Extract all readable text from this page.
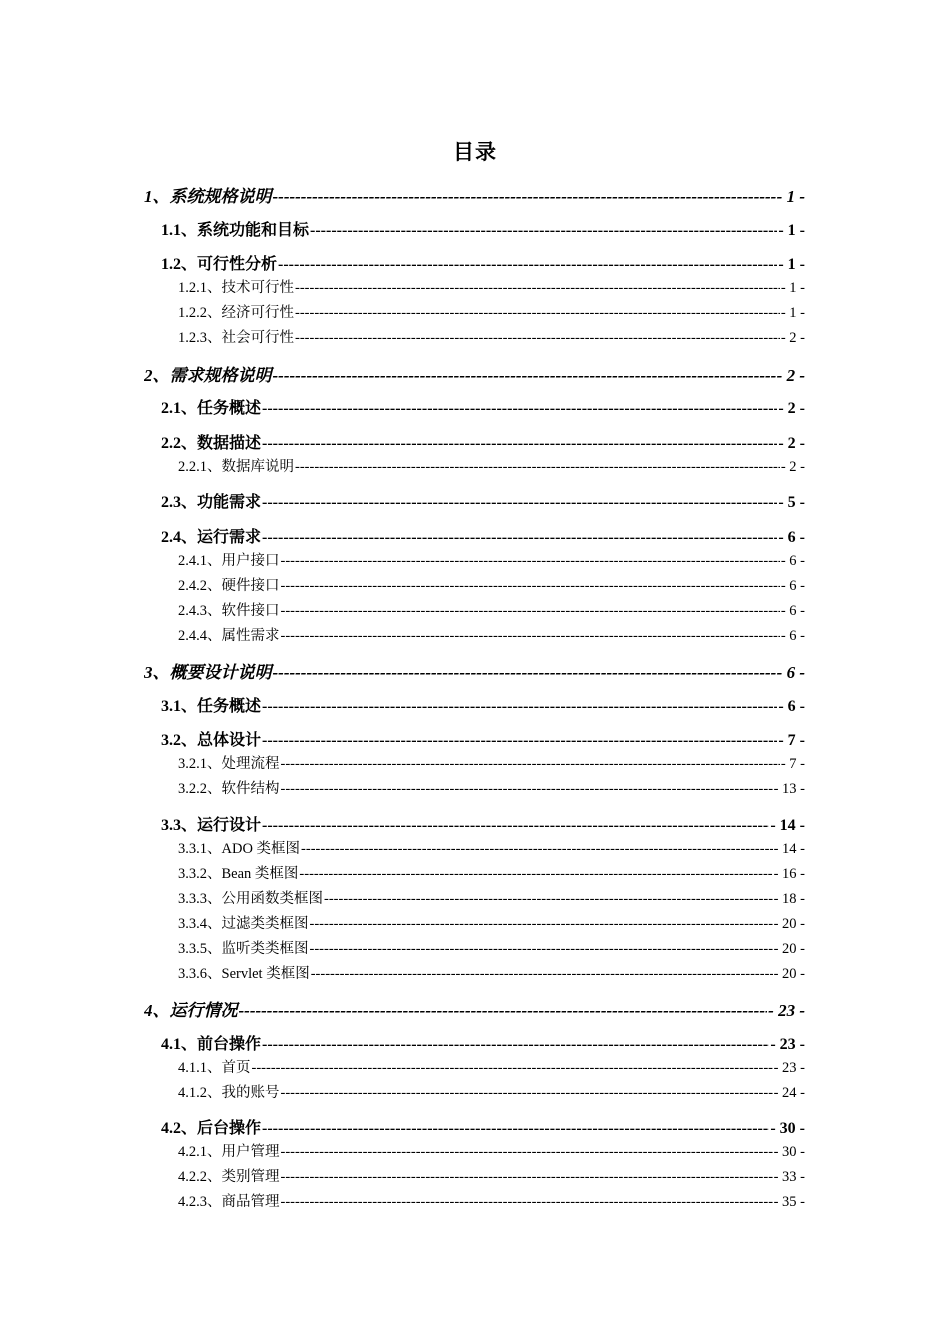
目录
1、系统规格说明 -----	- 1 -
1.1、系统功能和目标 -----	- 1 -
1.2、可行性分析 -----	- 1 -
1.2.1、技术可行性 -----	- 1 -
1.2.2、经济可行性 -----	- 1 -
1.2.3、社会可行性 -----	- 2 -
2、需求规格说明 -----	- 2 -
2.1、任务概述 -----	- 2 -
2.2、数据描述 -----	- 2 -
2.2.1、数据库说明 -----	- 2 -
2.3、功能需求 -----	- 5 -
2.4、运行需求 -----	- 6 -
2.4.1、用户接口 -----	- 6 -
2.4.2、硬件接口 -----	- 6 -
2.4.3、软件接口 -----	- 6 -
2.4.4、属性需求 -----	- 6 -
3、概要设计说明 -----	- 6 -
3.1、任务概述 -----	- 6 -
3.2、总体设计 -----	- 7 -
3.2.1、处理流程 -----	- 7 -
3.2.2、软件结构 -----	- 13 -
3.3、运行设计 -----	- 14 -
3.3.1、ADO 类框图 -----	- 14 -
3.3.2、Bean 类框图 -----	- 16 -
3.3.3、公用函数类框图 -----	- 18 -
3.3.4、过滤类类框图 -----	- 20 -
3.3.5、监听类类框图 -----	- 20 -
3.3.6、Servlet 类框图 -----	- 20 -
4、运行情况 -----	- 23 -
4.1、前台操作 -----	- 23 -
4.1.1、首页 -----	- 23 -
4.1.2、我的账号 -----	- 24 -
4.2、后台操作 -----	- 30 -
4.2.1、用户管理 -----	- 30 -
4.2.2、类别管理 -----	- 33 -
4.2.3、商品管理 -----	- 35 -
